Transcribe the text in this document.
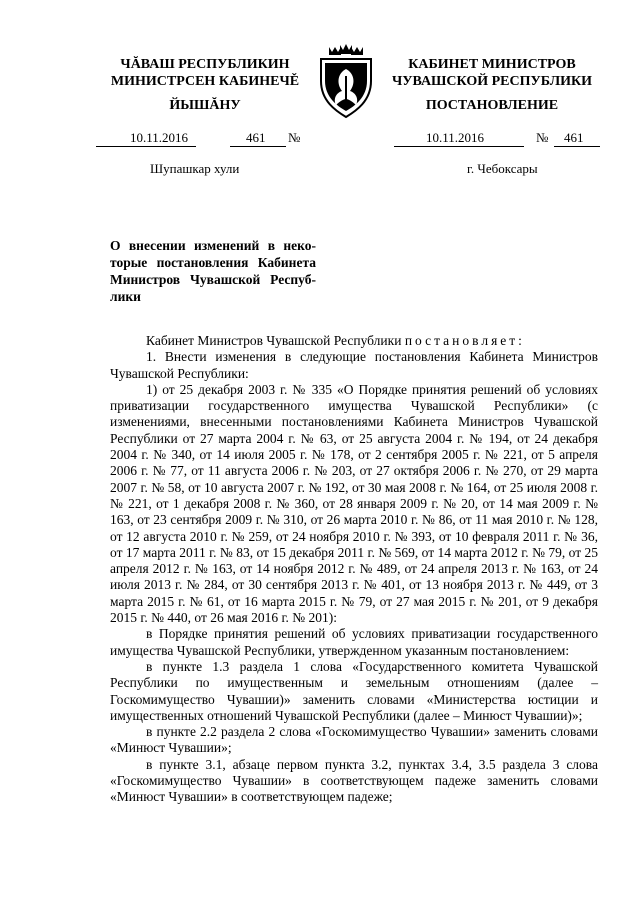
ЧĂВАШ РЕСПУБЛИКИН
МИНИСТРСЕН КАБИНЕЧĚ
КАБИНЕТ МИНИСТРОВ
ЧУВАШСКОЙ РЕСПУБЛИКИ
ЙЫШĂНУ	ПОСТАНОВЛЕНИЕ
10.11.2016	461 №	10.11.2016	№ 461
Шупашкар хули	г. Чебоксары
О внесении изменений в неко-торые постановления Кабинета Министров Чувашской Респуб-лики

Кабинет Министров Чувашской Республики постановляет:

1. Внести изменения в следующие постановления Кабинета Министров Чувашской Республики:

1) от 25 декабря 2003 г. № 335 «О Порядке принятия решений об условиях приватизации государственного имущества Чувашской Республики» (с изменениями, внесенными постановлениями Кабинета Министров Чувашской Республики от 27 марта 2004 г. № 63, от 25 августа 2004 г. № 194, от 24 декабря 2004 г. № 340, от 14 июля 2005 г. № 178, от 2 сентября 2005 г. № 221, от 5 апреля 2006 г. № 77, от 11 августа 2006 г. № 203, от 27 октября 2006 г. № 270, от 29 марта 2007 г. № 58, от 10 августа 2007 г. № 192, от 30 мая 2008 г. № 164, от 25 июля 2008 г. № 221, от 1 декабря 2008 г. № 360, от 28 января 2009 г. № 20, от 14 мая 2009 г. № 163, от 23 сентября 2009 г. № 310, от 26 марта 2010 г. № 86, от 11 мая 2010 г. № 128, от 12 августа 2010 г. № 259, от 24 ноября 2010 г. № 393, от 10 февраля 2011 г. № 36, от 17 марта 2011 г. № 83, от 15 декабря 2011 г. № 569, от 14 марта 2012 г. № 79, от 25 апреля 2012 г. № 163, от 14 ноября 2012 г. № 489, от 24 апреля 2013 г. № 163, от 24 июля 2013 г. № 284, от 30 сентября 2013 г. № 401, от 13 ноября 2013 г. № 449, от 3 марта 2015 г. № 61, от 16 марта 2015 г. № 79, от 27 мая 2015 г. № 201, от 9 декабря 2015 г. № 440, от 26 мая 2016 г. № 201):

в Порядке принятия решений об условиях приватизации государственного имущества Чувашской Республики, утвержденном указанным постановлением:

в пункте 1.3 раздела 1 слова «Государственного комитета Чувашской Республики по имущественным и земельным отношениям (далее – Госкомимущество Чувашии)» заменить словами «Министерства юстиции и имущественных отношений Чувашской Республики (далее – Минюст Чувашии)»;

в пункте 2.2 раздела 2 слова «Госкомимущество Чувашии» заменить словами «Минюст Чувашии»;

в пункте 3.1, абзаце первом пункта 3.2, пунктах 3.4, 3.5 раздела 3 слова «Госкомимущество Чувашии» в соответствующем падеже заменить словами «Минюст Чувашии» в соответствующем падеже;
